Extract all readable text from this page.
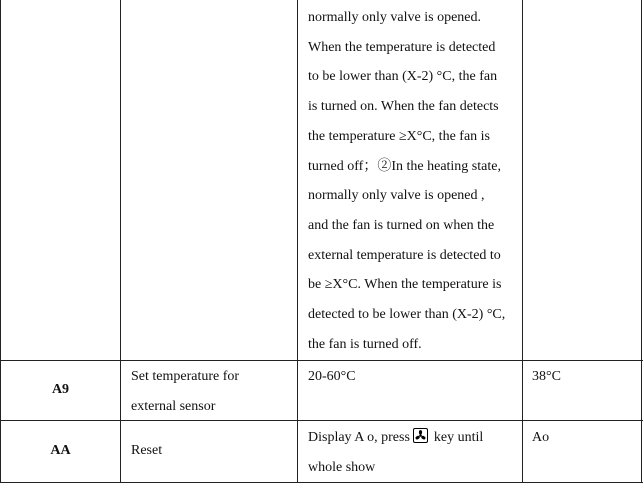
normally only valve is opened.
When the temperature is detected
to be lower than (X-2) °C, the fan
is turned on. When the fan detects
the temperature ≥X°C, the fan is
turned off；②In the heating state,
normally only valve is opened ,
and the fan is turned on when the
external temperature is detected to
be ≥X°C. When the temperature is
detected to be lower than (X-2) °C,
the fan is turned off.
A9
Set temperature for
external sensor
20-60°C	38°C
AA	Reset
Display A o, press key until
whole show
Ao
